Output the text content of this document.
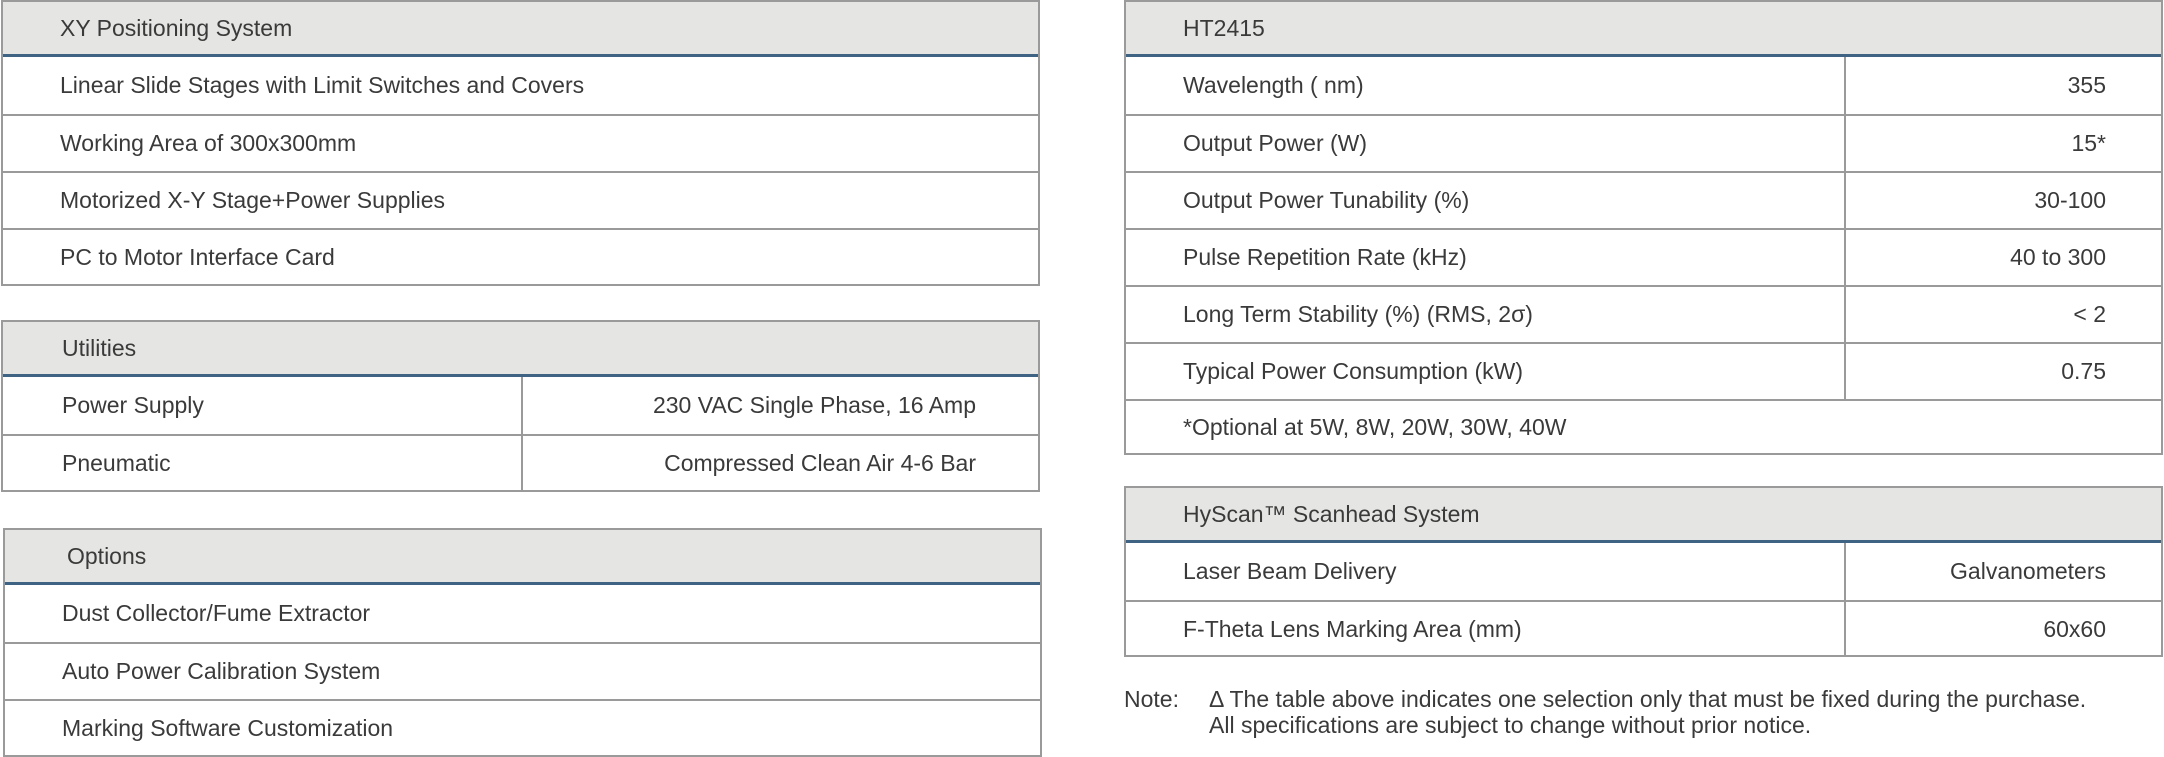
XY Positioning System
Linear Slide Stages with Limit Switches and Covers
Working Area of 300x300mm
Motorized X-Y Stage+Power Supplies
PC to Motor Interface Card
Utilities
Power Supply	230 VAC Single Phase, 16 Amp
Pneumatic	Compressed Clean Air 4-6 Bar
Options
Dust Collector/Fume Extractor
Auto Power Calibration System
Marking Software Customization
HT2415
Wavelength ( nm)	355
Output Power (W)	15*
Output Power Tunability (%)	30-100
Pulse Repetition Rate (kHz)	40 to 300
Long Term Stability (%) (RMS, 2σ)	< 2
Typical Power Consumption (kW)	0.75
*Optional at 5W, 8W, 20W, 30W, 40W
HyScan™ Scanhead System
Laser Beam Delivery	Galvanometers
F-Theta Lens Marking Area (mm)	60x60
Note: Δ The table above indicates one selection only that must be fixed during the purchase.
All specifications are subject to change without prior notice.
